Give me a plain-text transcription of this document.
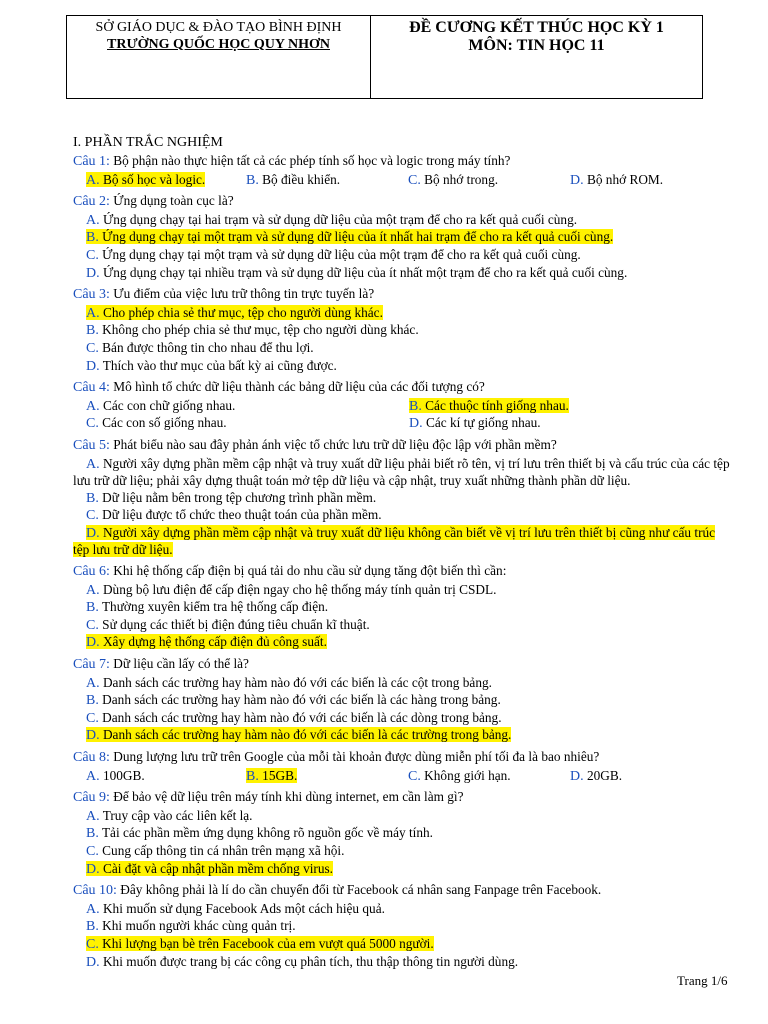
SỞ GIÁO DỤC & ĐÀO TẠO BÌNH ĐỊNH
TRƯỜNG QUỐC HỌC QUY NHƠN
ĐỀ CƯƠNG KẾT THÚC HỌC KỲ 1
MÔN: TIN HỌC 11
I. PHẦN TRẮC NGHIỆM
Câu 1: Bộ phận nào thực hiện tất cả các phép tính số học và logic trong máy tính?
A. Bộ số học và logic.	B. Bộ điều khiển.	C. Bộ nhớ trong.	D. Bộ nhớ ROM.
Câu 2: Ứng dụng toàn cục là?
A. Ứng dụng chạy tại hai trạm và sử dụng dữ liệu của một trạm để cho ra kết quả cuối cùng.
B. Ứng dụng chạy tại một trạm và sử dụng dữ liệu của ít nhất hai trạm để cho ra kết quả cuối cùng.
C. Ứng dụng chạy tại một trạm và sử dụng dữ liệu của một trạm để cho ra kết quả cuối cùng.
D. Ứng dụng chạy tại nhiều trạm và sử dụng dữ liệu của ít nhất một trạm để cho ra kết quả cuối cùng.
Câu 3: Ưu điểm của việc lưu trữ thông tin trực tuyến là?
A. Cho phép chia sẻ thư mục, tệp cho người dùng khác.
B. Không cho phép chia sẻ thư mục, tệp cho người dùng khác.
C. Bán được thông tin cho nhau để thu lợi.
D. Thích vào thư mục của bất kỳ ai cũng được.
Câu 4: Mô hình tổ chức dữ liệu thành các bảng dữ liệu của các đối tượng có?
A. Các con chữ giống nhau.	B. Các thuộc tính giống nhau.
C. Các con số giống nhau.	D. Các kí tự giống nhau.
Câu 5: Phát biểu nào sau đây phản ánh việc tổ chức lưu trữ dữ liệu độc lập với phần mềm?
A. Người xây dựng phần mềm cập nhật và truy xuất dữ liệu phải biết rõ tên, vị trí lưu trên thiết bị và cấu trúc của các tệp lưu trữ dữ liệu; phải xây dựng thuật toán mở tệp dữ liệu và cập nhật, truy xuất những thành phần dữ liệu.
B. Dữ liệu nằm bên trong tệp chương trình phần mềm.
C. Dữ liệu được tổ chức theo thuật toán của phần mềm.
D. Người xây dựng phần mềm cập nhật và truy xuất dữ liệu không cần biết về vị trí lưu trên thiết bị cũng như cấu trúc tệp lưu trữ dữ liệu.
Câu 6: Khi hệ thống cấp điện bị quá tải do nhu cầu sử dụng tăng đột biến thì cần:
A. Dùng bộ lưu điện để cấp điện ngay cho hệ thống máy tính quản trị CSDL.
B. Thường xuyên kiểm tra hệ thống cấp điện.
C. Sử dụng các thiết bị điện đúng tiêu chuẩn kĩ thuật.
D. Xây dựng hệ thống cấp điện đủ công suất.
Câu 7: Dữ liệu cần lấy có thể là?
A. Danh sách các trường hay hàm nào đó với các biến là các cột trong bảng.
B. Danh sách các trường hay hàm nào đó với các biến là các hàng trong bảng.
C. Danh sách các trường hay hàm nào đó với các biến là các dòng trong bảng.
D. Danh sách các trường hay hàm nào đó với các biến là các trường trong bảng.
Câu 8: Dung lượng lưu trữ trên Google của mỗi tài khoản được dùng miễn phí tối đa là bao nhiêu?
A. 100GB.	B. 15GB.	C. Không giới hạn.	D. 20GB.
Câu 9: Để bảo vệ dữ liệu trên máy tính khi dùng internet, em cần làm gì?
A. Truy cập vào các liên kết lạ.
B. Tải các phần mềm ứng dụng không rõ nguồn gốc về máy tính.
C. Cung cấp thông tin cá nhân trên mạng xã hội.
D. Cài đặt và cập nhật phần mềm chống virus.
Câu 10: Đây không phải là lí do cần chuyển đổi từ Facebook cá nhân sang Fanpage trên Facebook.
A. Khi muốn sử dụng Facebook Ads một cách hiệu quả.
B. Khi muốn người khác cùng quản trị.
C. Khi lượng bạn bè trên Facebook của em vượt quá 5000 người.
D. Khi muốn được trang bị các công cụ phân tích, thu thập thông tin người dùng.
Trang 1/6
